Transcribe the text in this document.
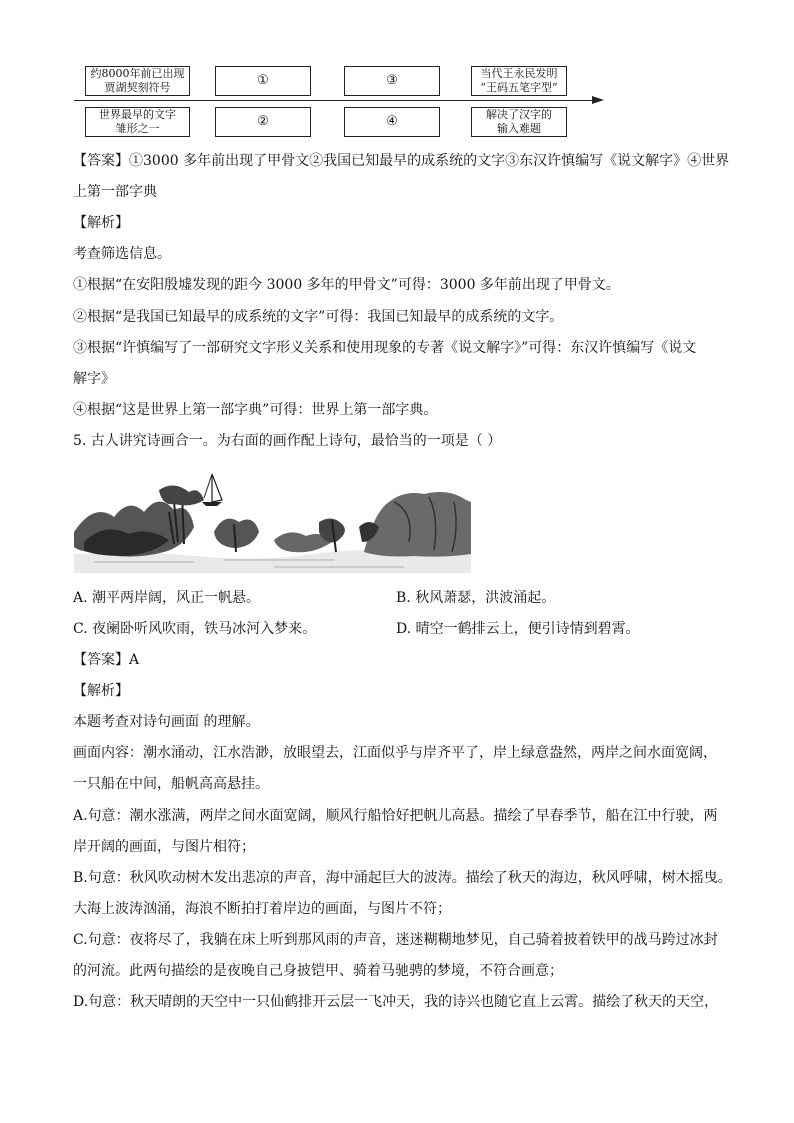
约8000年前已出现
贾湖契刻符号	①	③	当代王永民发明
“王码五笔字型”
世界最早的文字
雏形之一	②	④	解决了汉字的
输入难题
【答案】①3000 多年前出现了甲骨文②我国已知最早的成系统的文字③东汉许慎编写《说文解字》④世界
上第一部字典
【解析】
考查筛选信息。
①根据“在安阳殷墟发现的距今 3000 多年的甲骨文”可得：3000 多年前出现了甲骨文。
②根据“是我国已知最早的成系统的文字”可得：我国已知最早的成系统的文字。
③根据“许慎编写了一部研究文字形义关系和使用现象的专著《说文解字》”可得：东汉许慎编写《说文
解字》
④根据“这是世界上第一部字典”可得：世界上第一部字典。
5. 古人讲究诗画合一。为右面的画作配上诗句，最恰当的一项是（ ）
A. 潮平两岸阔，风正一帆悬。	B. 秋风萧瑟，洪波涌起。
C. 夜阑卧听风吹雨，铁马冰河入梦来。	D. 晴空一鹤排云上，便引诗情到碧霄。
【答案】A
【解析】
本题考查对诗句画面 的理解。
画面内容：潮水涌动，江水浩渺，放眼望去，江面似乎与岸齐平了，岸上绿意盎然，两岸之间水面宽阔，
一只船在中间，船帆高高悬挂。
A.句意：潮水涨满，两岸之间水面宽阔，顺风行船恰好把帆儿高悬。描绘了早春季节，船在江中行驶，两
岸开阔的画面，与图片相符；
B.句意：秋风吹动树木发出悲凉的声音，海中涌起巨大的波涛。描绘了秋天的海边，秋风呼啸，树木摇曳。
大海上波涛汹涌，海浪不断拍打着岸边的画面，与图片不符；
C.句意：夜将尽了，我躺在床上听到那风雨的声音，迷迷糊糊地梦见，自己骑着披着铁甲的战马跨过冰封
的河流。此两句描绘的是夜晚自己身披铠甲、骑着马驰骋的梦境，不符合画意；
D.句意：秋天晴朗的天空中一只仙鹤排开云层一飞冲天，我的诗兴也随它直上云霄。描绘了秋天的天空，
